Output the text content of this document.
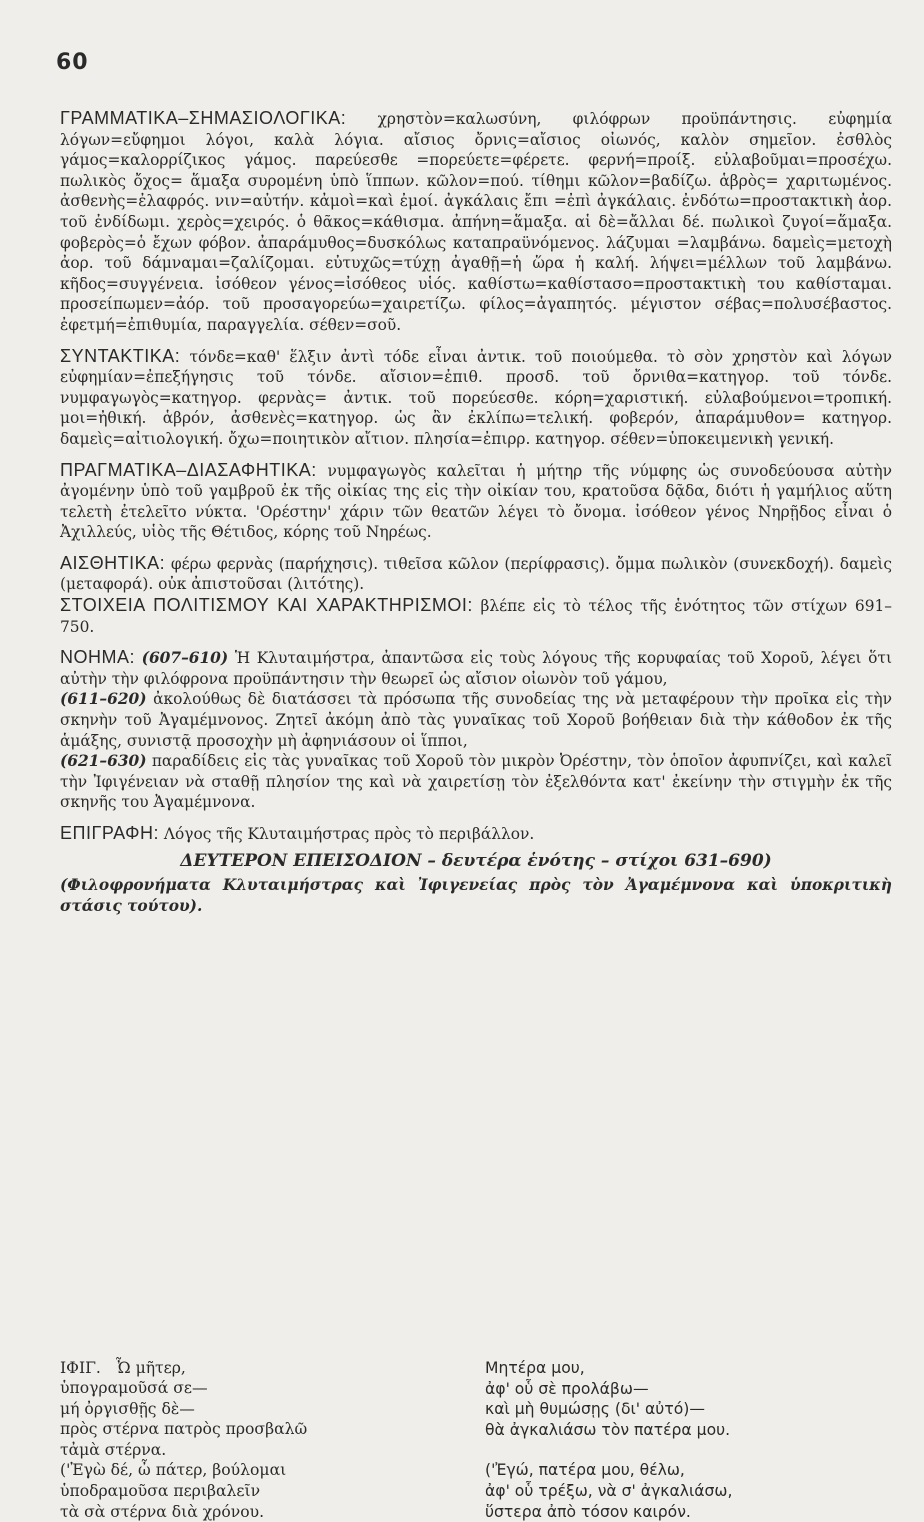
60

ΓΡΑΜΜΑΤΙΚΑ–ΣΗΜΑΣΙΟΛΟΓΙΚΑ: χρηστὸν=καλωσύνη, φιλόφρων προϋπάντησις. εὐφημία λόγων=εὔφημοι λόγοι, καλὰ λόγια. αἴσιος ὄρνις=αἴσιος οἰωνός, καλὸν σημεῖον. ἐσθλὸς γάμος=καλορρίζικος γάμος. παρεύεσθε =πορεύετε=φέρετε. φερνή=προίξ. εὐλαβοῦμαι=προσέχω. πωλικὸς ὄχος= ἅμαξα συρομένη ὑπὸ ἵππων. κῶλον=πού. τίθημι κῶλον=βαδίζω. ἁβρὸς= χαριτωμένος. ἀσθενὴς=ἐλαφρός. νιν=αὐτήν. κἀμοὶ=καὶ ἐμοί. ἀγκάλαις ἔπι =ἐπὶ ἀγκάλαις. ἐνδότω=προστακτικὴ ἀορ. τοῦ ἐνδίδωμι. χερὸς=χειρός. ὁ θᾶκος=κάθισμα. ἀπήνη=ἅμαξα. αἱ δὲ=ἄλλαι δέ. πωλικοὶ ζυγοί=ἅμαξα. φοβερὸς=ὁ ἔχων φόβον. ἀπαράμυθος=δυσκόλως καταπραϋνόμενος. λάζυμαι =λαμβάνω. δαμεὶς=μετοχὴ ἀορ. τοῦ δάμναμαι=ζαλίζομαι. εὐτυχῶς=τύχῃ ἀγαθῇ=ἡ ὥρα ἡ καλή. λήψει=μέλλων τοῦ λαμβάνω. κῆδος=συγγένεια. ἰσόθεον γένος=ἰσόθεος υἱός. καθίστω=καθίστασο=προστακτικὴ του καθίσταμαι. προσείπωμεν=ἀόρ. τοῦ προσαγορεύω=χαιρετίζω. φίλος=ἀγαπητός. μέγιστον σέβας=πολυσέβαστος. ἐφετμή=ἐπιθυμία, παραγγελία. σέθεν=σοῦ.

ΣΥΝΤΑΚΤΙΚΑ: τόνδε=καθ' ἕλξιν ἀντὶ τόδε εἶναι ἀντικ. τοῦ ποιούμεθα. τὸ σὸν χρηστὸν καὶ λόγων εὐφημίαν=ἐπεξήγησις τοῦ τόνδε. αἴσιον=ἐπιθ. προσδ. τοῦ ὄρνιθα=κατηγορ. τοῦ τόνδε. νυμφαγωγὸς=κατηγορ. φερνὰς= ἀντικ. τοῦ πορεύεσθε. κόρη=χαριστική. εὐλαβούμενοι=τροπική. μοι=ἠθική. ἁβρόν, ἀσθενὲς=κατηγορ. ὡς ἂν ἐκλίπω=τελική. φοβερόν, ἀπαράμυθον= κατηγορ. δαμεὶς=αἰτιολογική. ὄχω=ποιητικὸν αἴτιον. πλησία=ἐπιρρ. κατηγορ. σέθεν=ὑποκειμενικὴ γενική.

ΠΡΑΓΜΑΤΙΚΑ–ΔΙΑΣΑΦΗΤΙΚΑ: νυμφαγωγὸς καλεῖται ἡ μήτηρ τῆς νύμφης ὡς συνοδεύουσα αὐτὴν ἀγομένην ὑπὸ τοῦ γαμβροῦ ἐκ τῆς οἰκίας της εἰς τὴν οἰκίαν του, κρατοῦσα δᾷδα, διότι ἡ γαμήλιος αὕτη τελετὴ ἐτελεῖτο νύκτα. 'Ορέστην' χάριν τῶν θεατῶν λέγει τὸ ὄνομα. ἰσόθεον γένος Νηρῇδος εἶναι ὁ Ἀχιλλεύς, υἱὸς τῆς Θέτιδος, κόρης τοῦ Νηρέως.

ΑΙΣΘΗΤΙΚΑ: φέρω φερνὰς (παρήχησις). τιθεῖσα κῶλον (περίφρασις). ὄμμα πωλικὸν (συνεκδοχή). δαμεὶς (μεταφορά). οὐκ ἀπιστοῦσαι (λιτότης).

ΣΤΟΙΧΕΙΑ ΠΟΛΙΤΙΣΜΟΥ ΚΑΙ ΧΑΡΑΚΤΗΡΙΣΜΟΙ: βλέπε εἰς τὸ τέλος τῆς ἑνότητος τῶν στίχων 691–750.

ΝΟΗΜΑ: (607–610) Ἡ Κλυταιμήστρα, ἀπαντῶσα εἰς τοὺς λόγους τῆς κορυφαίας τοῦ Χοροῦ, λέγει ὅτι αὐτὴν τὴν φιλόφρονα προϋπάντησιν τὴν θεωρεῖ ὡς αἴσιον οἰωνὸν τοῦ γάμου,

(611–620) ἀκολούθως δὲ διατάσσει τὰ πρόσωπα τῆς συνοδείας της νὰ μεταφέρουν τὴν προῖκα εἰς τὴν σκηνὴν τοῦ Ἀγαμέμνονος. Ζητεῖ ἀκόμη ἀπὸ τὰς γυναῖκας τοῦ Χοροῦ βοήθειαν διὰ τὴν κάθοδον ἐκ τῆς ἁμάξης, συνιστᾷ προσοχὴν μὴ ἀφηνιάσουν οἱ ἵπποι,

(621–630) παραδίδεις εἰς τὰς γυναῖκας τοῦ Χοροῦ τὸν μικρὸν Ὀρέστην, τὸν ὁποῖον ἀφυπνίζει, καὶ καλεῖ τὴν Ἰφιγένειαν νὰ σταθῇ πλησίον της καὶ νὰ χαιρετίσῃ τὸν ἐξελθόντα κατ' ἐκείνην τὴν στιγμὴν ἐκ τῆς σκηνῆς του Ἀγαμέμνονα.

ΕΠΙΓΡΑΦΗ: Λόγος τῆς Κλυταιμήστρας πρὸς τὸ περιβάλλον.

ΔΕΥΤΕΡΟΝ ΕΠΕΙΣΟΔΙΟΝ – δευτέρα ἑνότης – στίχοι 631–690)
(Φιλοφρονήματα Κλυταιμήστρας καὶ Ἰφιγενείας πρὸς τὸν Ἀγαμέμνονα καὶ ὑποκριτικὴ στάσις τούτου).
ΙΦΙΓ. Ὦ μῆτερ,
ὑπογραμοῦσά σε—
μή ὀργισθῇς δὲ—
πρὸς στέρνα πατρὸς προσβαλῶ
τἀμὰ στέρνα.
('Ἐγὼ δέ, ὦ πάτερ, βούλομαι
ὑποδραμοῦσα περιβαλεῖν
τὰ σὰ στέρνα διὰ χρόνου.
Μητέρα μου,
ἀφ' οὗ σὲ προλάβω—
καὶ μὴ θυμώσῃς (δι' αὐτό)—
θὰ ἀγκαλιάσω τὸν πατέρα μου.
('Ἐγώ, πατέρα μου, θέλω,
ἀφ' οὗ τρέξω, νὰ σ' ἀγκαλιάσω,
ὕστερα ἀπὸ τόσον καιρόν.
